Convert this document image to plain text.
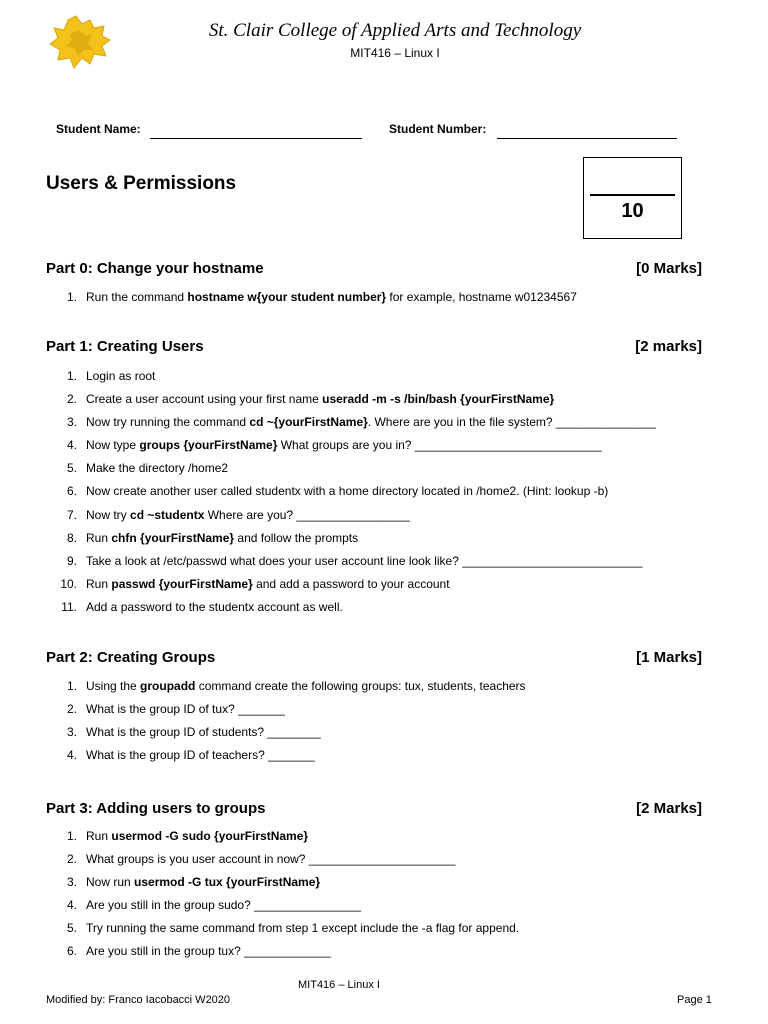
St. Clair College of Applied Arts and Technology
MIT416 – Linux I
Student Name:	Student Number:
Users & Permissions
10
Part 0: Change your hostname	[0 Marks]
1. Run the command hostname w{your student number} for example, hostname w01234567
Part 1: Creating Users	[2 marks]
1. Login as root
2. Create a user account using your first name useradd -m -s /bin/bash {yourFirstName}
3. Now try running the command cd ~{yourFirstName}. Where are you in the file system? _______________
4. Now type groups {yourFirstName} What groups are you in? ____________________________
5. Make the directory /home2
6. Now create another user called studentx with a home directory located in /home2. (Hint: lookup -b)
7. Now try cd ~studentx Where are you? _________________
8. Run chfn {yourFirstName} and follow the prompts
9. Take a look at /etc/passwd what does your user account line look like? ___________________________
10. Run passwd {yourFirstName} and add a password to your account
11. Add a password to the studentx account as well.
Part 2: Creating Groups	[1 Marks]
1. Using the groupadd command create the following groups: tux, students, teachers
2. What is the group ID of tux? _______
3. What is the group ID of students? ________
4. What is the group ID of teachers? _______
Part 3: Adding users to groups	[2 Marks]
1. Run usermod -G sudo {yourFirstName}
2. What groups is you user account in now? ______________________
3. Now run usermod -G tux {yourFirstName}
4. Are you still in the group sudo? ________________
5. Try running the same command from step 1 except include the -a flag for append.
6. Are you still in the group tux? _____________
MIT416 – Linux I
Modified by: Franco Iacobacci W2020	Page 1
